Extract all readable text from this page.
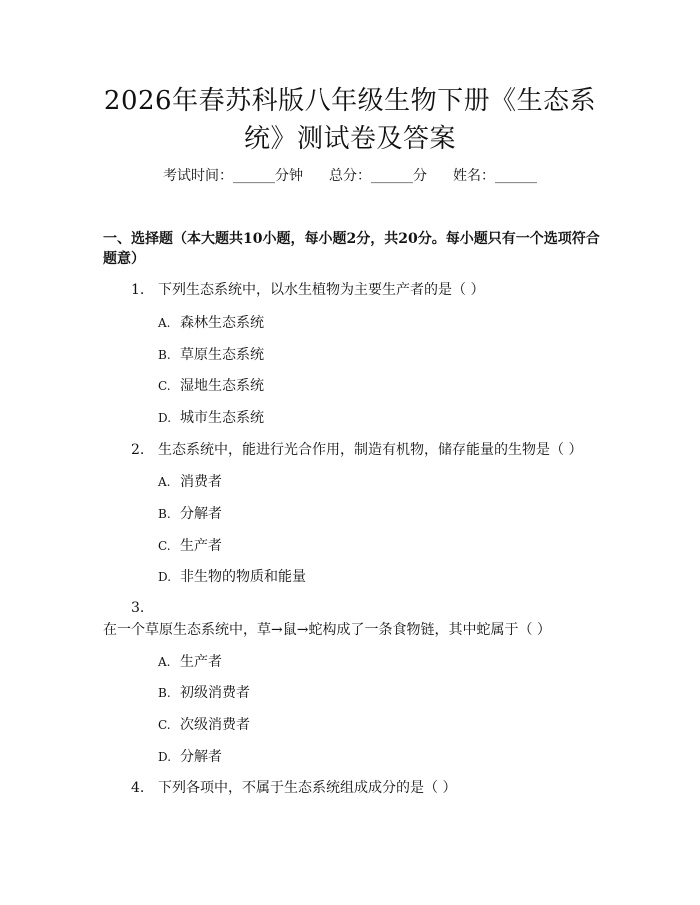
2026年春苏科版八年级生物下册《生态系统》测试卷及答案
考试时间：______分钟 总分：______分 姓名：______
一、选择题（本大题共10小题，每小题2分，共20分。每小题只有一个选项符合题意）
1. 下列生态系统中，以水生植物为主要生产者的是（ ）
A. 森林生态系统
B. 草原生态系统
C. 湿地生态系统
D. 城市生态系统
2. 生态系统中，能进行光合作用，制造有机物，储存能量的生物是（ ）
A. 消费者
B. 分解者
C. 生产者
D. 非生物的物质和能量
3.在一个草原生态系统中，草→鼠→蛇构成了一条食物链，其中蛇属于（ ）
A. 生产者
B. 初级消费者
C. 次级消费者
D. 分解者
4. 下列各项中，不属于生态系统组成成分的是（ ）
